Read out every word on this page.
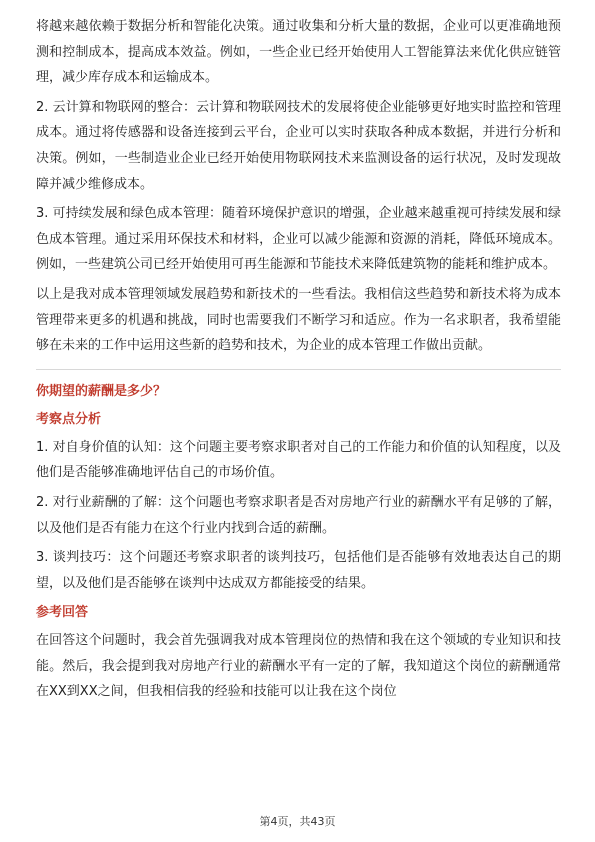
将越来越依赖于数据分析和智能化决策。通过收集和分析大量的数据，企业可以更准确地预测和控制成本，提高成本效益。例如，一些企业已经开始使用人工智能算法来优化供应链管理，减少库存成本和运输成本。

2. 云计算和物联网的整合：云计算和物联网技术的发展将使企业能够更好地实时监控和管理成本。通过将传感器和设备连接到云平台，企业可以实时获取各种成本数据，并进行分析和决策。例如，一些制造业企业已经开始使用物联网技术来监测设备的运行状况，及时发现故障并减少维修成本。

3. 可持续发展和绿色成本管理：随着环境保护意识的增强，企业越来越重视可持续发展和绿色成本管理。通过采用环保技术和材料，企业可以减少能源和资源的消耗，降低环境成本。例如，一些建筑公司已经开始使用可再生能源和节能技术来降低建筑物的能耗和维护成本。

以上是我对成本管理领域发展趋势和新技术的一些看法。我相信这些趋势和新技术将为成本管理带来更多的机遇和挑战，同时也需要我们不断学习和适应。作为一名求职者，我希望能够在未来的工作中运用这些新的趋势和技术，为企业的成本管理工作做出贡献。

你期望的薪酬是多少？
考察点分析

1. 对自身价值的认知：这个问题主要考察求职者对自己的工作能力和价值的认知程度，以及他们是否能够准确地评估自己的市场价值。

2. 对行业薪酬的了解：这个问题也考察求职者是否对房地产行业的薪酬水平有足够的了解，以及他们是否有能力在这个行业内找到合适的薪酬。

3. 谈判技巧：这个问题还考察求职者的谈判技巧，包括他们是否能够有效地表达自己的期望，以及他们是否能够在谈判中达成双方都能接受的结果。

参考回答

在回答这个问题时，我会首先强调我对成本管理岗位的热情和我在这个领域的专业知识和技能。然后，我会提到我对房地产行业的薪酬水平有一定的了解，我知道这个岗位的薪酬通常在XX到XX之间，但我相信我的经验和技能可以让我在这个岗位

第4页，共43页
